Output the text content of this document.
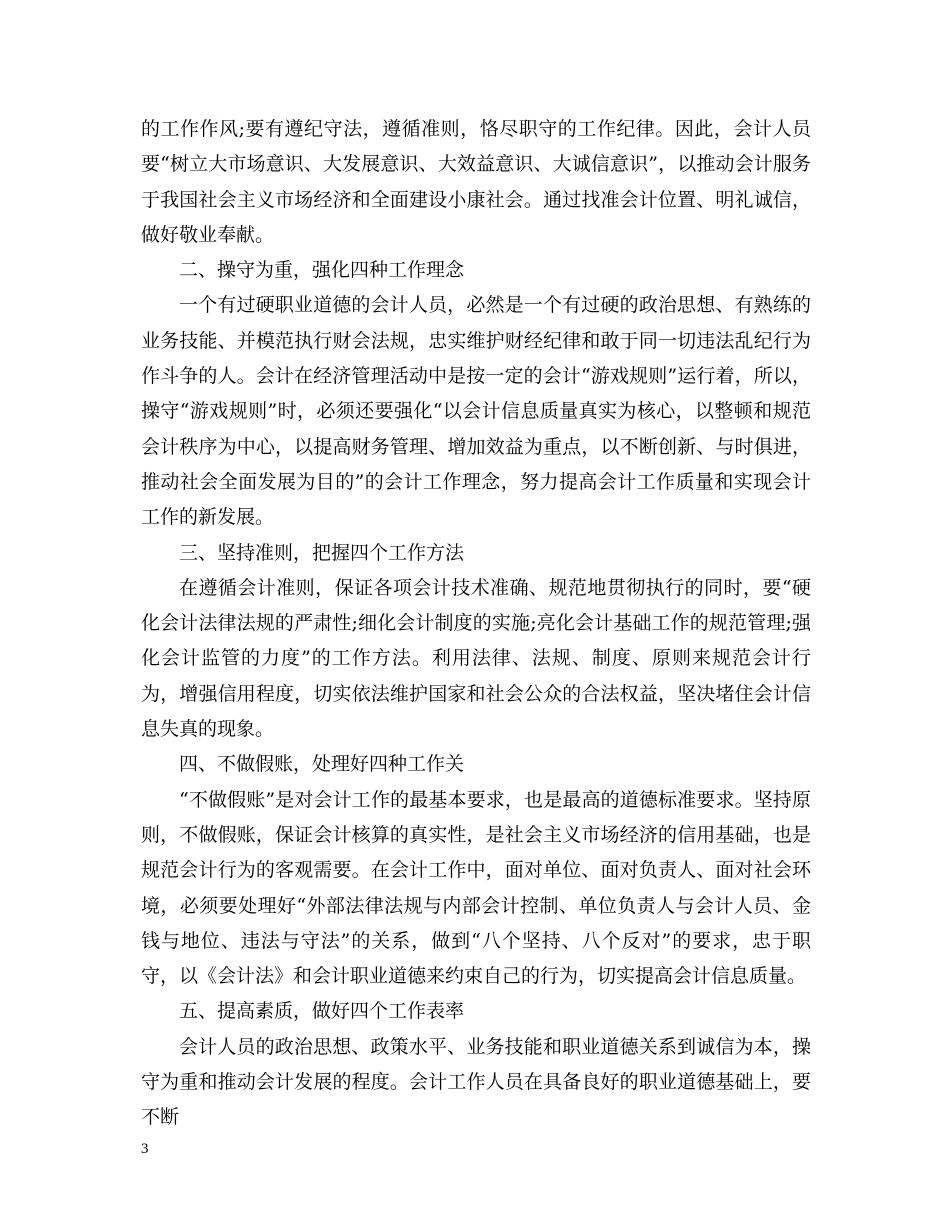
的工作作风;要有遵纪守法，遵循准则，恪尽职守的工作纪律。因此，会计人员要“树立大市场意识、大发展意识、大效益意识、大诚信意识”，以推动会计服务于我国社会主义市场经济和全面建设小康社会。通过找准会计位置、明礼诚信，做好敬业奉献。

二、操守为重，强化四种工作理念

一个有过硬职业道德的会计人员，必然是一个有过硬的政治思想、有熟练的业务技能、并模范执行财会法规，忠实维护财经纪律和敢于同一切违法乱纪行为作斗争的人。会计在经济管理活动中是按一定的会计“游戏规则”运行着，所以，操守“游戏规则”时，必须还要强化“以会计信息质量真实为核心，以整顿和规范会计秩序为中心，以提高财务管理、增加效益为重点，以不断创新、与时俱进，推动社会全面发展为目的”的会计工作理念，努力提高会计工作质量和实现会计工作的新发展。

三、坚持准则，把握四个工作方法

在遵循会计准则，保证各项会计技术准确、规范地贯彻执行的同时，要“硬化会计法律法规的严肃性;细化会计制度的实施;亮化会计基础工作的规范管理;强化会计监管的力度”的工作方法。利用法律、法规、制度、原则来规范会计行为，增强信用程度，切实依法维护国家和社会公众的合法权益，坚决堵住会计信息失真的现象。

四、不做假账，处理好四种工作关

“不做假账”是对会计工作的最基本要求，也是最高的道德标准要求。坚持原则，不做假账，保证会计核算的真实性，是社会主义市场经济的信用基础，也是规范会计行为的客观需要。在会计工作中，面对单位、面对负责人、面对社会环境，必须要处理好“外部法律法规与内部会计控制、单位负责人与会计人员、金钱与地位、违法与守法”的关系，做到“八个坚持、八个反对”的要求，忠于职守，以《会计法》和会计职业道德来约束自己的行为，切实提高会计信息质量。

五、提高素质，做好四个工作表率

会计人员的政治思想、政策水平、业务技能和职业道德关系到诚信为本，操守为重和推动会计发展的程度。会计工作人员在具备良好的职业道德基础上，要不断

3
